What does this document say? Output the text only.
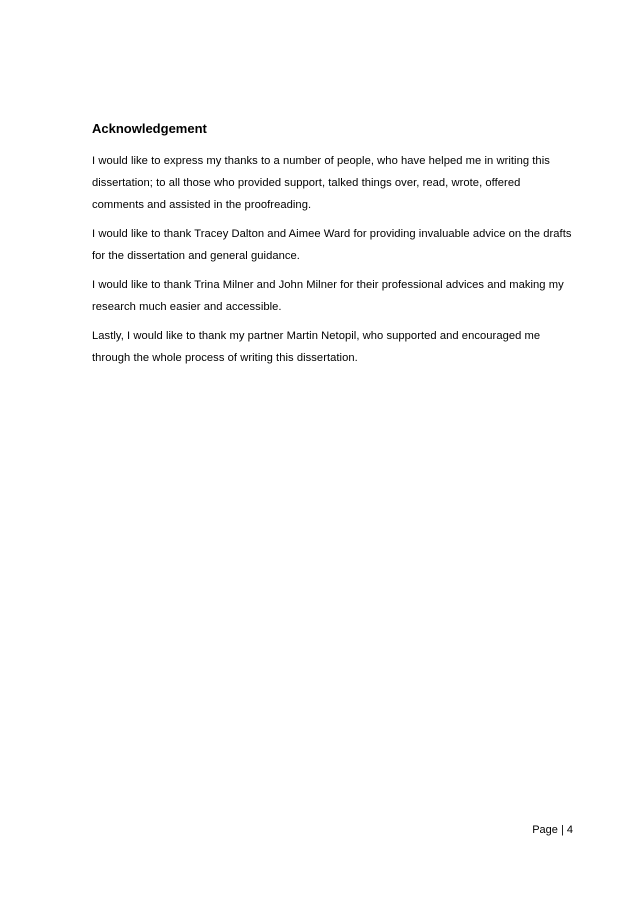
Acknowledgement

I would like to express my thanks to a number of people, who have helped me in writing this dissertation; to all those who provided support, talked things over, read, wrote, offered comments and assisted in the proofreading.

I would like to thank Tracey Dalton and Aimee Ward for providing invaluable advice on the drafts for the dissertation and general guidance.

I would like to thank Trina Milner and John Milner for their professional advices and making my research much easier and accessible.

Lastly, I would like to thank my partner Martin Netopil, who supported and encouraged me through the whole process of writing this dissertation.

Page | 4
